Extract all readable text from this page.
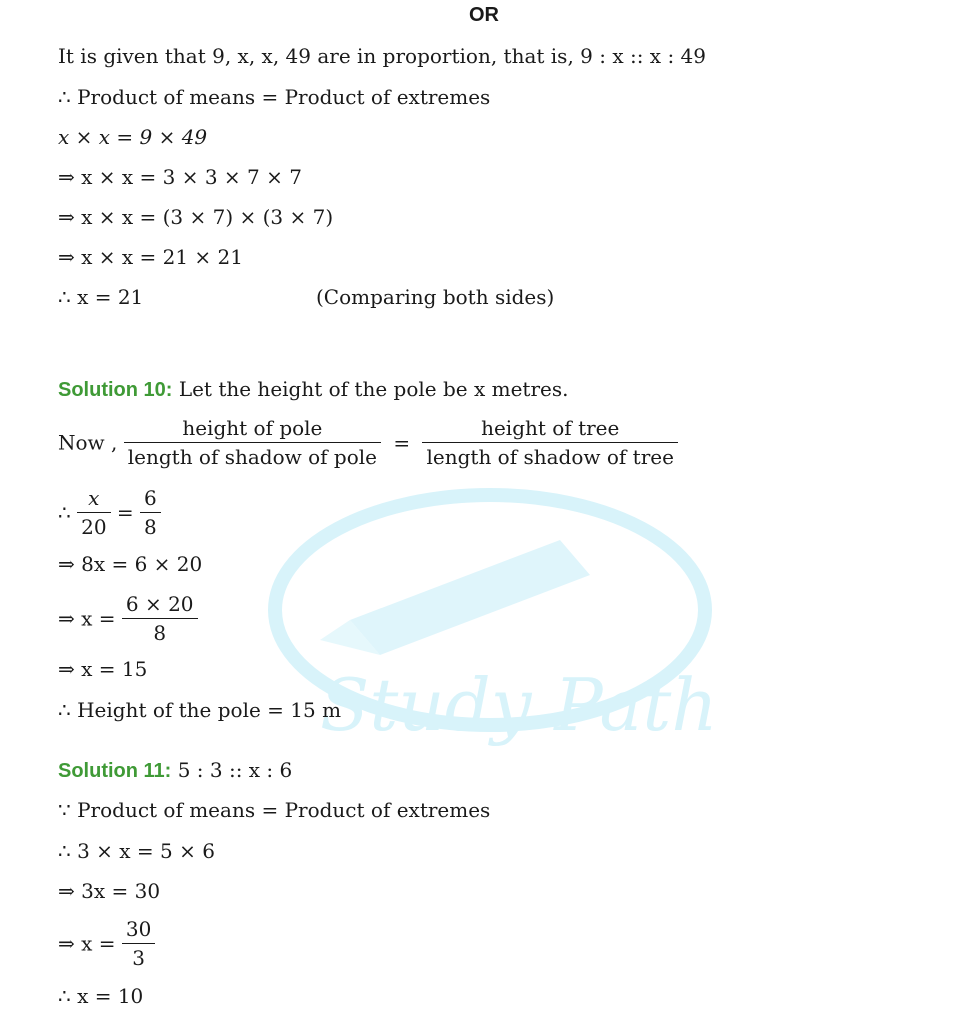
Study Path
OR
It is given that 9, x, x, 49 are in proportion, that is, 9 : x :: x : 49
∴ Product of means = Product of extremes
x × x = 9 × 49
⇒ x × x = 3 × 3 × 7 × 7
⇒ x × x = (3 × 7) × (3 × 7)
⇒ x × x = 21 × 21
∴ x = 21	(Comparing both sides)
Solution 10: Let the height of the pole be x metres.
Now , $\frac{\text{height of pole}}{\text{length of shadow of pole}} = \frac{\text{height of tree}}{\text{length of shadow of tree}}$
∴ $\frac{x}{20} = \frac{6}{8}$
⇒ 8x = 6 × 20
⇒ $x = \frac{6 \times 20}{8}$
⇒ x = 15
∴ Height of the pole = 15 m
Solution 11: 5 : 3 :: x : 6
∵ Product of means = Product of extremes
∴ 3 × x = 5 × 6
⇒ 3x = 30
⇒ $x = \frac{30}{3}$
∴ x = 10
